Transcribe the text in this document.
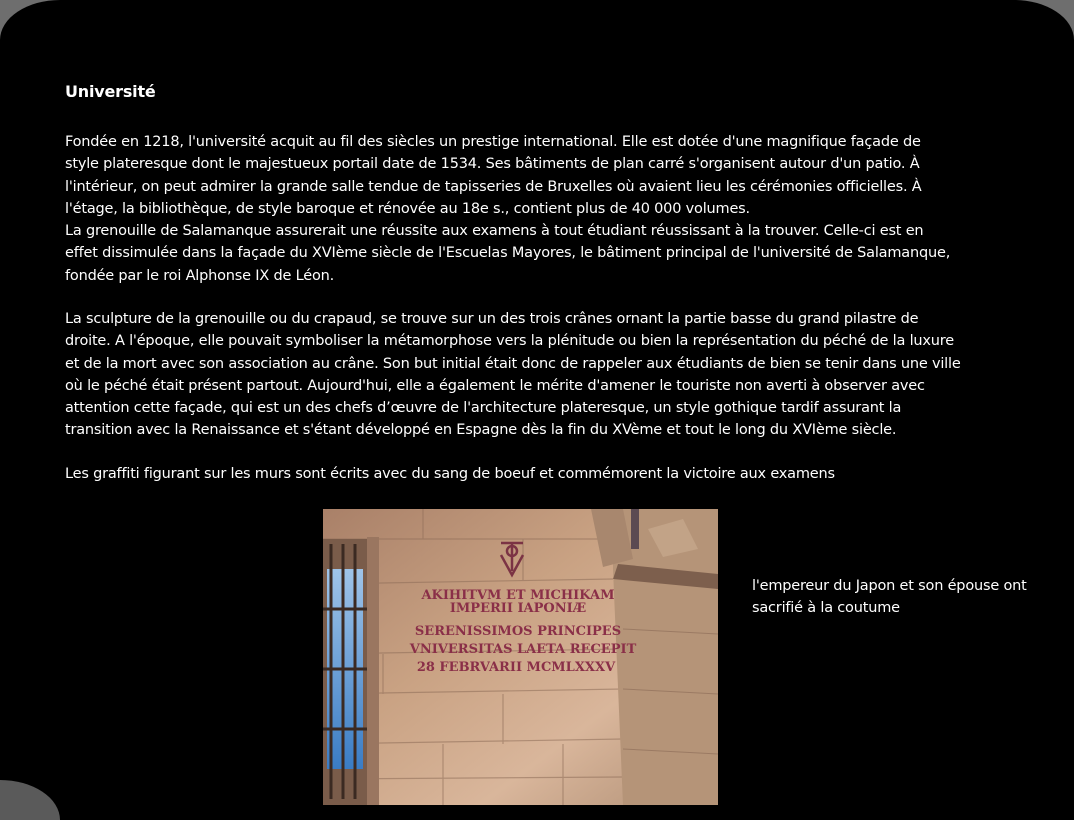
Université
Fondée en 1218, l'université acquit au fil des siècles un prestige international. Elle est dotée d'une magnifique façade de
style plateresque dont le majestueux portail date de 1534. Ses bâtiments de plan carré s'organisent autour d'un patio. À
l'intérieur, on peut admirer la grande salle tendue de tapisseries de Bruxelles où avaient lieu les cérémonies officielles. À
l'étage, la bibliothèque, de style baroque et rénovée au 18e s., contient plus de 40 000 volumes.
La grenouille de Salamanque assurerait une réussite aux examens à tout étudiant réussissant à la trouver. Celle-ci est en
effet dissimulée dans la façade du XVIème siècle de l'Escuelas Mayores, le bâtiment principal de l'université de Salamanque,
fondée par le roi Alphonse IX de Léon.
La sculpture de la grenouille ou du crapaud, se trouve sur un des trois crânes ornant la partie basse du grand pilastre de
droite. A l'époque, elle pouvait symboliser la métamorphose vers la plénitude ou bien la représentation du péché de la luxure
et de la mort avec son association au crâne. Son but initial était donc de rappeler aux étudiants de bien se tenir dans une ville
où le péché était présent partout. Aujourd'hui, elle a également le mérite d'amener le touriste non averti à observer avec
attention cette façade, qui est un des chefs d’œuvre de l'architecture plateresque, un style gothique tardif assurant la
transition avec la Renaissance et s'étant développé en Espagne dès la fin du XVème et tout le long du XVIème siècle.
Les graffiti figurant sur les murs sont écrits avec du sang de boeuf et commémorent la victoire aux examens
AKIHITVM ET MICHIKAM
IMPERII IAPONIÆ
SERENISSIMOS PRINCIPES
VNIVERSITAS LAETA RECEPIT
28 FEBRVARII MCMLXXXV
l'empereur du Japon et son épouse ont
sacrifié à la coutume
